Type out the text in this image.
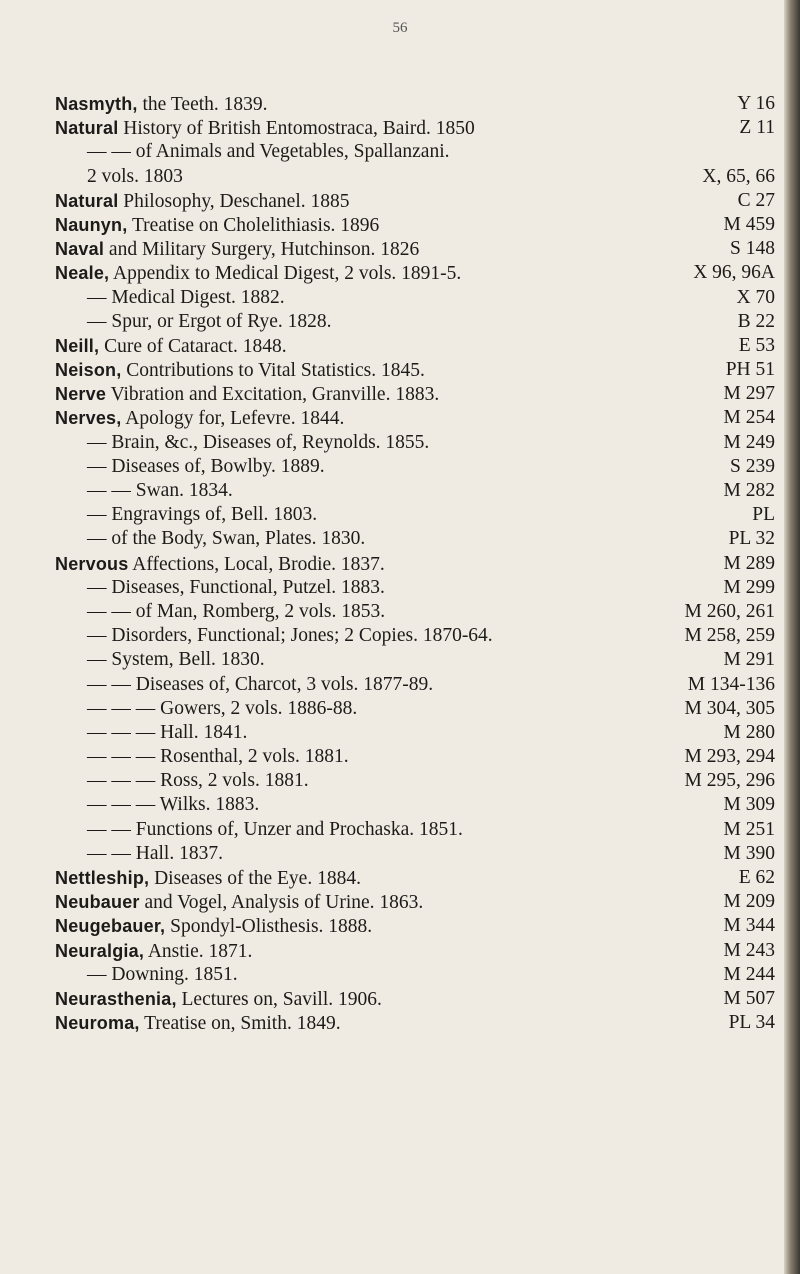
56
Nasmyth, the Teeth. 1839.	Y 16
Natural History of British Entomostraca, Baird. 1850	Z 11
— — of Animals and Vegetables, Spallanzani.
2 vols. 1803	X, 65, 66
Natural Philosophy, Deschanel. 1885	C 27
Naunyn, Treatise on Cholelithiasis. 1896	M 459
Naval and Military Surgery, Hutchinson. 1826	S 148
Neale, Appendix to Medical Digest, 2 vols. 1891-5.	X 96, 96A
— Medical Digest. 1882.	X 70
— Spur, or Ergot of Rye. 1828.	B 22
Neill, Cure of Cataract. 1848.	E 53
Neison, Contributions to Vital Statistics. 1845.	PH 51
Nerve Vibration and Excitation, Granville. 1883.	M 297
Nerves, Apology for, Lefevre. 1844.	M 254
— Brain, &c., Diseases of, Reynolds. 1855.	M 249
— Diseases of, Bowlby. 1889.	S 239
— — Swan. 1834.	M 282
— Engravings of, Bell. 1803.	PL
— of the Body, Swan, Plates. 1830.	PL 32
Nervous Affections, Local, Brodie. 1837.	M 289
— Diseases, Functional, Putzel. 1883.	M 299
— — of Man, Romberg, 2 vols. 1853.	M 260, 261
— Disorders, Functional; Jones; 2 Copies. 1870-64.	M 258, 259
— System, Bell. 1830.	M 291
— — Diseases of, Charcot, 3 vols. 1877-89.	M 134-136
— — — Gowers, 2 vols. 1886-88.	M 304, 305
— — — Hall. 1841.	M 280
— — — Rosenthal, 2 vols. 1881.	M 293, 294
— — — Ross, 2 vols. 1881.	M 295, 296
— — — Wilks. 1883.	M 309
— — Functions of, Unzer and Prochaska. 1851.	M 251
— — Hall. 1837.	M 390
Nettleship, Diseases of the Eye. 1884.	E 62
Neubauer and Vogel, Analysis of Urine. 1863.	M 209
Neugebauer, Spondyl-Olisthesis. 1888.	M 344
Neuralgia, Anstie. 1871.	M 243
— Downing. 1851.	M 244
Neurasthenia, Lectures on, Savill. 1906.	M 507
Neuroma, Treatise on, Smith. 1849.	PL 34
